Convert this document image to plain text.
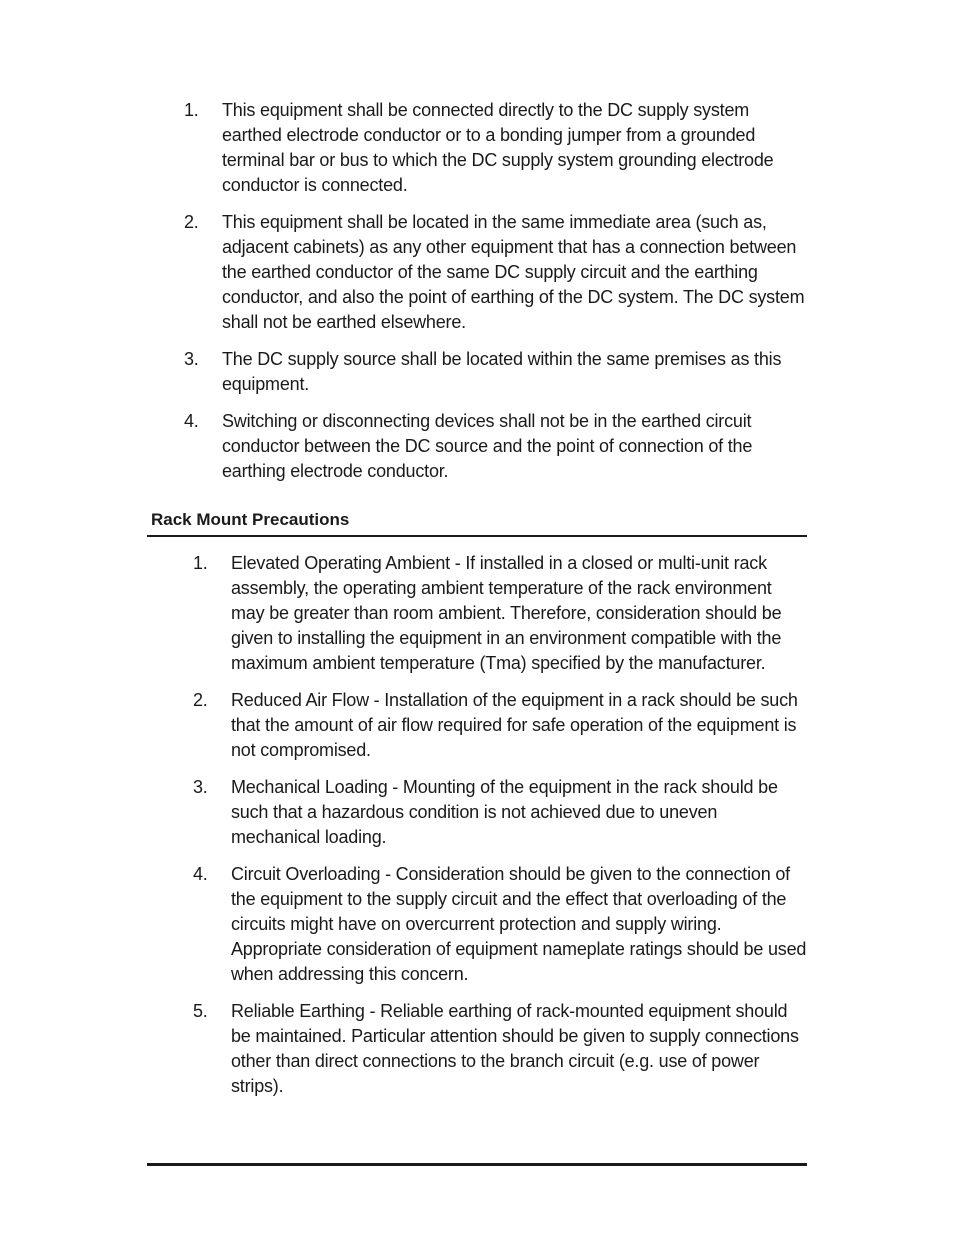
1. This equipment shall be connected directly to the DC supply system earthed electrode conductor or to a bonding jumper from a grounded terminal bar or bus to which the DC supply system grounding electrode conductor is connected.
2. This equipment shall be located in the same immediate area (such as, adjacent cabinets) as any other equipment that has a connection between the earthed conductor of the same DC supply circuit and the earthing conductor, and also the point of earthing of the DC system. The DC system shall not be earthed elsewhere.
3. The DC supply source shall be located within the same premises as this equipment.
4. Switching or disconnecting devices shall not be in the earthed circuit conductor between the DC source and the point of connection of the earthing electrode conductor.
Rack Mount Precautions
1. Elevated Operating Ambient - If installed in a closed or multi-unit rack assembly, the operating ambient temperature of the rack environment may be greater than room ambient. Therefore, consideration should be given to installing the equipment in an environment compatible with the maximum ambient temperature (Tma) specified by the manufacturer.
2. Reduced Air Flow - Installation of the equipment in a rack should be such that the amount of air flow required for safe operation of the equipment is not compromised.
3. Mechanical Loading - Mounting of the equipment in the rack should be such that a hazardous condition is not achieved due to uneven mechanical loading.
4. Circuit Overloading - Consideration should be given to the connection of the equipment to the supply circuit and the effect that overloading of the circuits might have on overcurrent protection and supply wiring. Appropriate consideration of equipment nameplate ratings should be used when addressing this concern.
5. Reliable Earthing - Reliable earthing of rack-mounted equipment should be maintained. Particular attention should be given to supply connections other than direct connections to the branch circuit (e.g. use of power strips).
